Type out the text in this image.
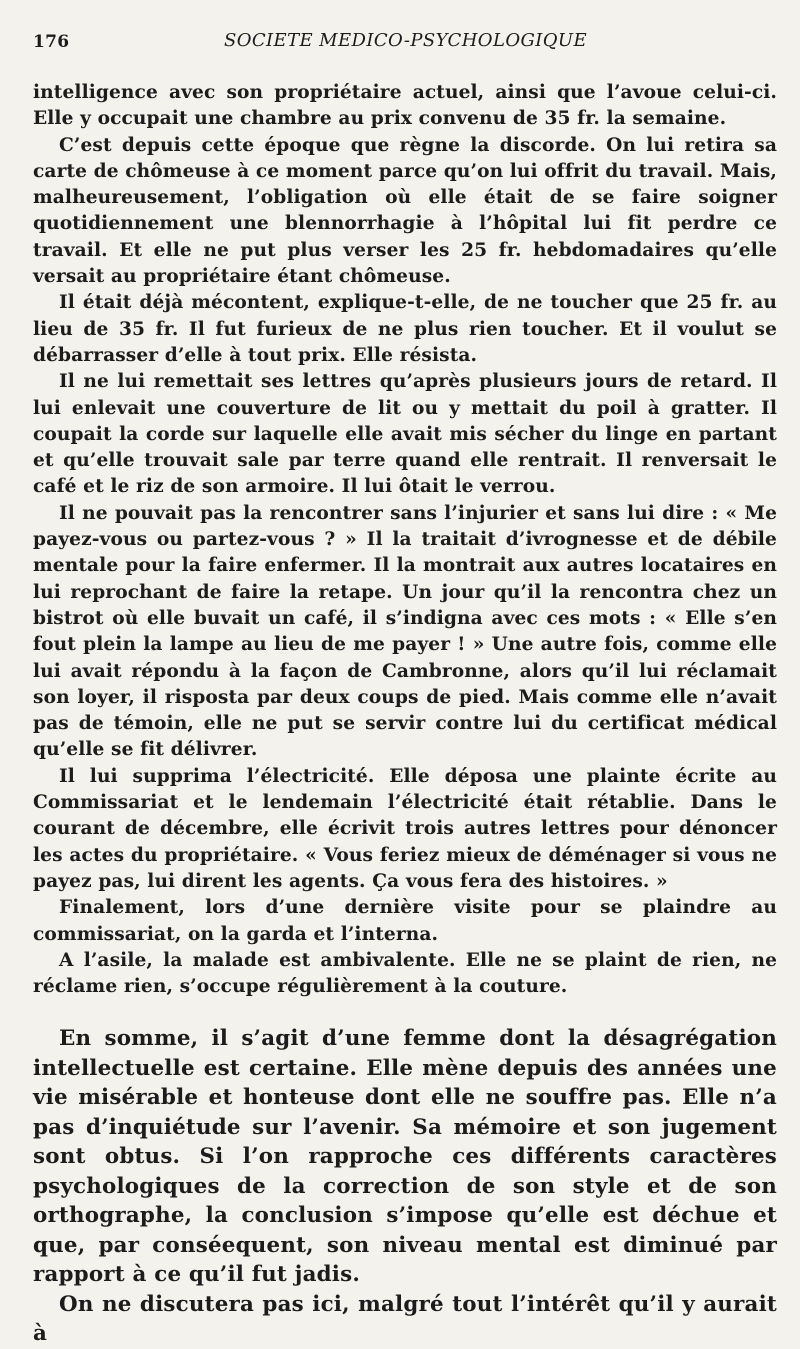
176	SOCIETE MEDICO-PSYCHOLOGIQUE

intelligence avec son propriétaire actuel, ainsi que l’avoue celui-ci. Elle y occupait une chambre au prix convenu de 35 fr. la semaine.

C’est depuis cette époque que règne la discorde. On lui retira sa carte de chômeuse à ce moment parce qu’on lui offrit du travail. Mais, malheureusement, l’obligation où elle était de se faire soigner quotidiennement une blennorrhagie à l’hôpital lui fit perdre ce travail. Et elle ne put plus verser les 25 fr. hebdomadaires qu’elle versait au propriétaire étant chômeuse.

Il était déjà mécontent, explique-t-elle, de ne toucher que 25 fr. au lieu de 35 fr. Il fut furieux de ne plus rien toucher. Et il voulut se débarrasser d’elle à tout prix. Elle résista.

Il ne lui remettait ses lettres qu’après plusieurs jours de retard. Il lui enlevait une couverture de lit ou y mettait du poil à gratter. Il coupait la corde sur laquelle elle avait mis sécher du linge en partant et qu’elle trouvait sale par terre quand elle rentrait. Il renversait le café et le riz de son armoire. Il lui ôtait le verrou.

Il ne pouvait pas la rencontrer sans l’injurier et sans lui dire : « Me payez-vous ou partez-vous ? » Il la traitait d’ivrognesse et de débile mentale pour la faire enfermer. Il la montrait aux autres locataires en lui reprochant de faire la retape. Un jour qu’il la rencontra chez un bistrot où elle buvait un café, il s’indigna avec ces mots : « Elle s’en fout plein la lampe au lieu de me payer ! » Une autre fois, comme elle lui avait répondu à la façon de Cambronne, alors qu’il lui réclamait son loyer, il risposta par deux coups de pied. Mais comme elle n’avait pas de témoin, elle ne put se servir contre lui du certificat médical qu’elle se fit délivrer.

Il lui supprima l’électricité. Elle déposa une plainte écrite au Commissariat et le lendemain l’électricité était rétablie. Dans le courant de décembre, elle écrivit trois autres lettres pour dénoncer les actes du propriétaire. « Vous feriez mieux de déménager si vous ne payez pas, lui dirent les agents. Ça vous fera des histoires. »

Finalement, lors d’une dernière visite pour se plaindre au commissariat, on la garda et l’interna.

A l’asile, la malade est ambivalente. Elle ne se plaint de rien, ne réclame rien, s’occupe régulièrement à la couture.

En somme, il s’agit d’une femme dont la désagrégation intellectuelle est certaine. Elle mène depuis des années une vie misérable et honteuse dont elle ne souffre pas. Elle n’a pas d’inquiétude sur l’avenir. Sa mémoire et son jugement sont obtus. Si l’on rapproche ces différents caractères psychologiques de la correction de son style et de son orthographe, la conclusion s’impose qu’elle est déchue et que, par conséequent, son niveau mental est diminué par rapport à ce qu’il fut jadis.

On ne discutera pas ici, malgré tout l’intérêt qu’il y aurait à
